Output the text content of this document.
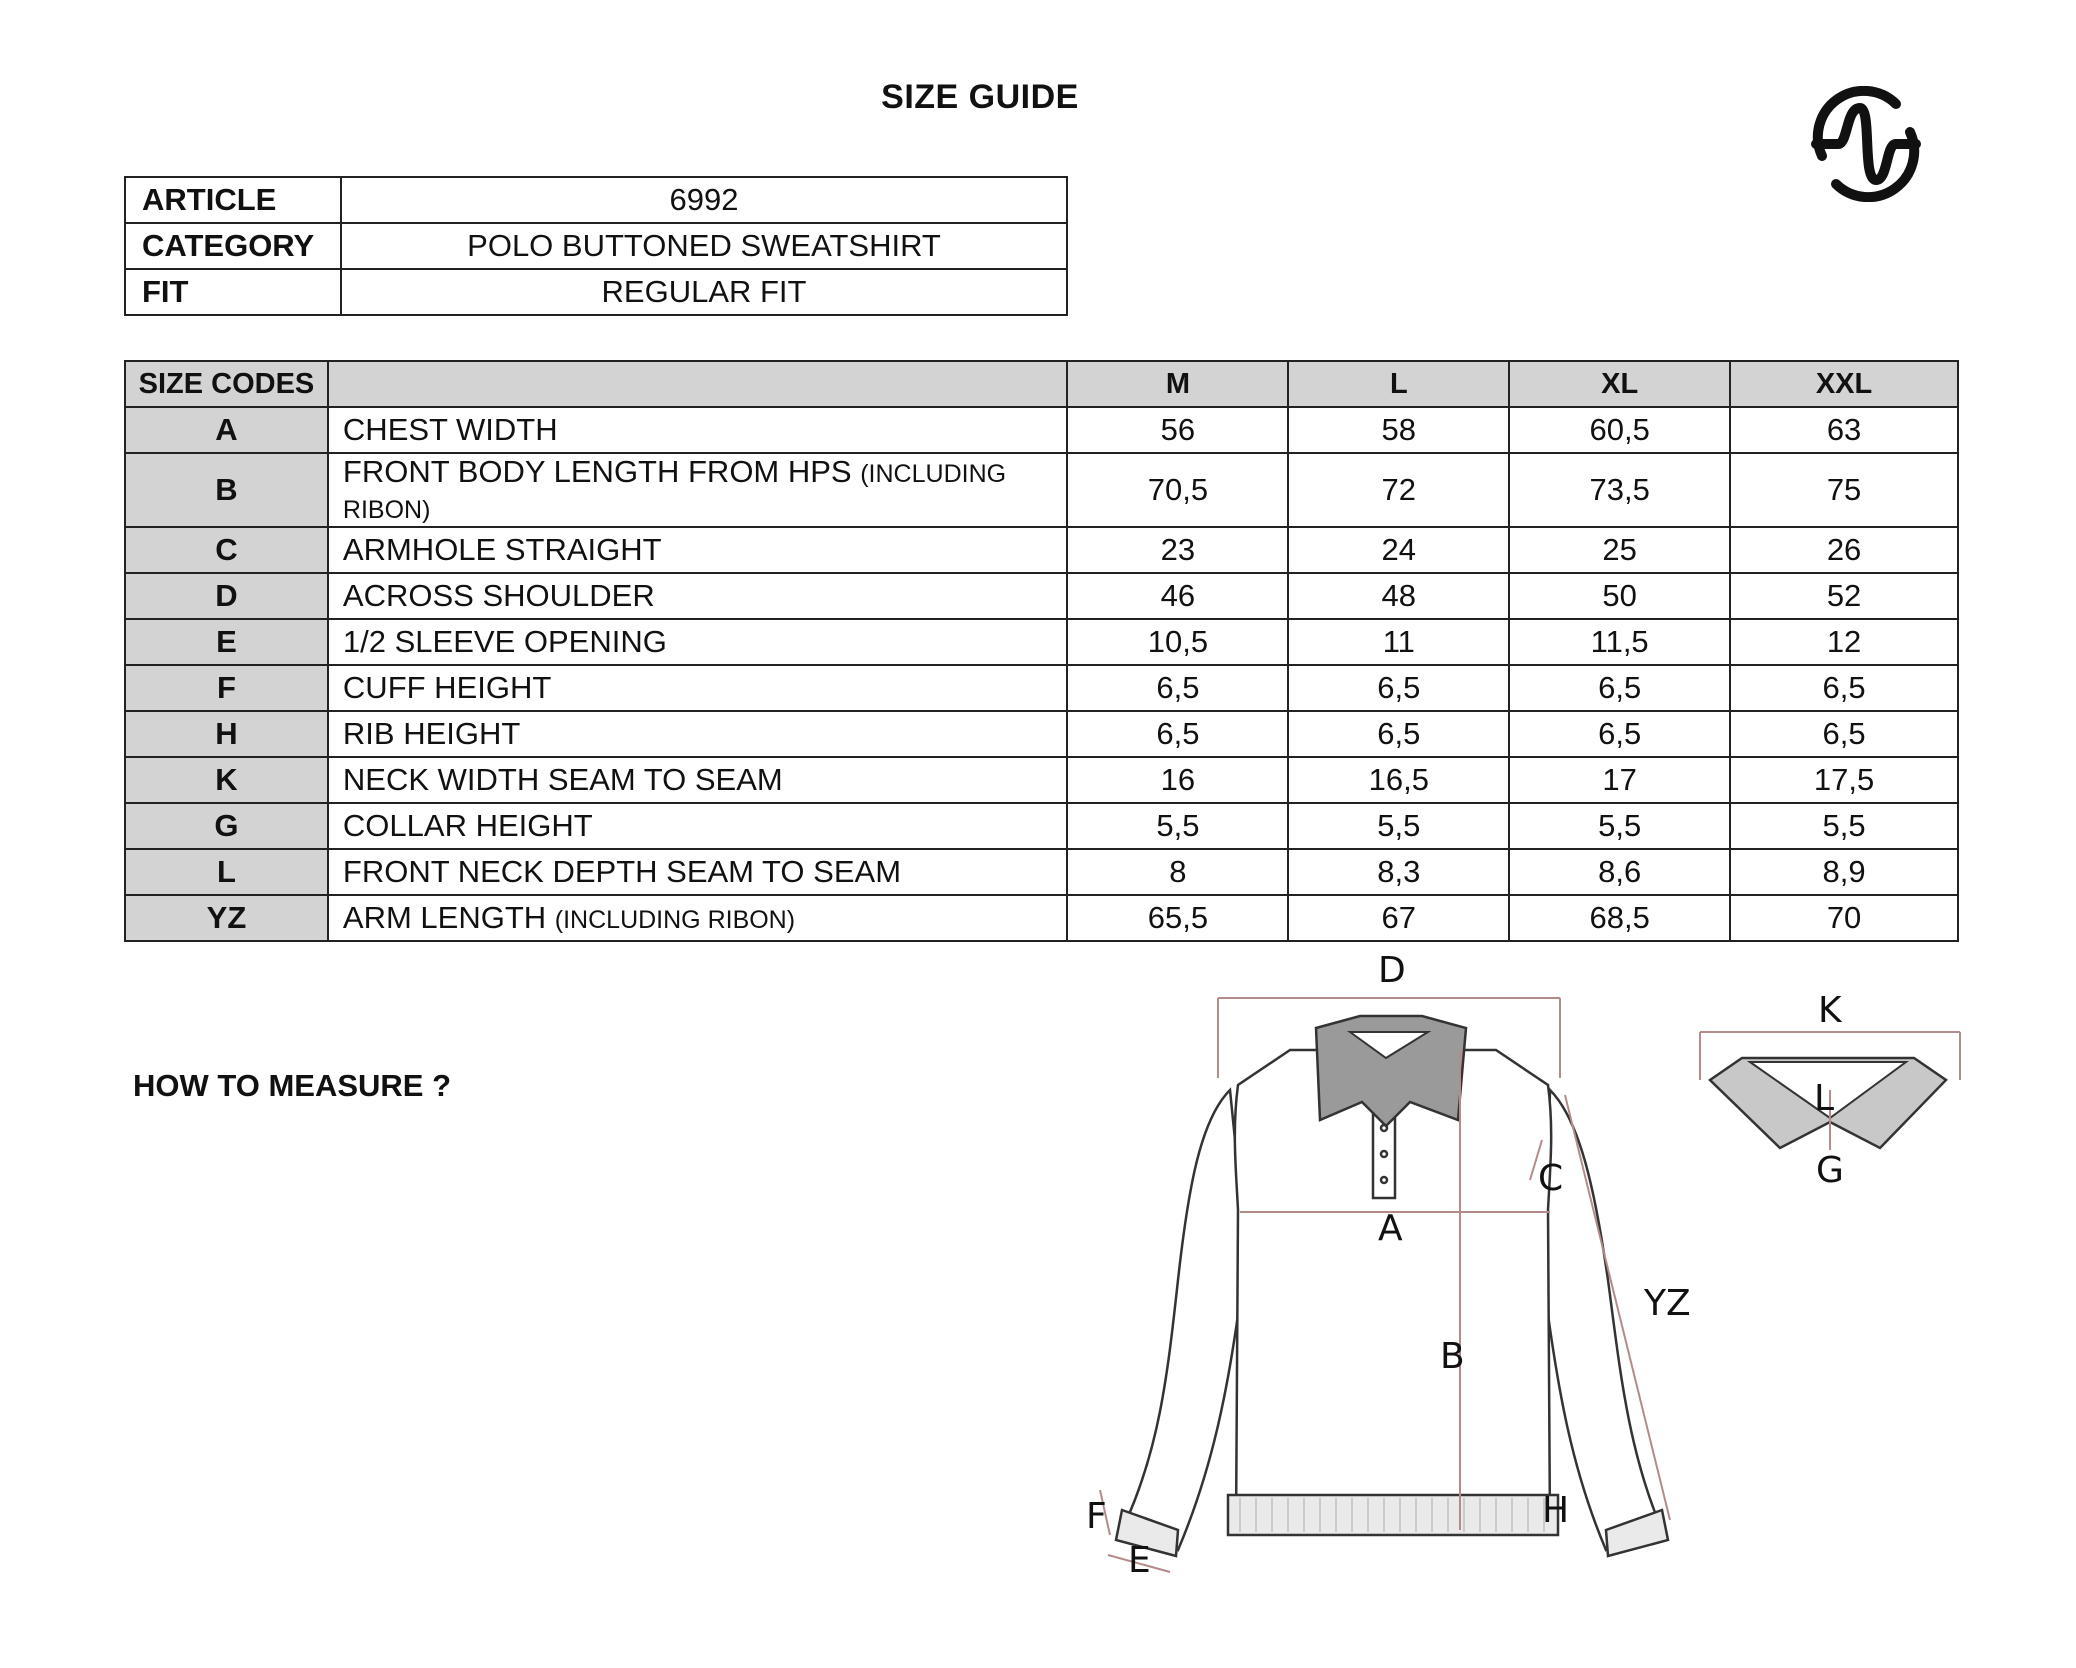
SIZE GUIDE
ARTICLE	6992
CATEGORY	POLO BUTTONED SWEATSHIRT
FIT	REGULAR FIT
SIZE CODES		M	L	XL	XXL
A	CHEST WIDTH	56	58	60,5	63
B	FRONT BODY LENGTH FROM HPS (INCLUDING RIBON)	70,5	72	73,5	75
C	ARMHOLE STRAIGHT	23	24	25	26
D	ACROSS SHOULDER	46	48	50	52
E	1/2 SLEEVE OPENING	10,5	11	11,5	12
F	CUFF HEIGHT	6,5	6,5	6,5	6,5
H	RIB HEIGHT	6,5	6,5	6,5	6,5
K	NECK WIDTH SEAM TO SEAM	16	16,5	17	17,5
G	COLLAR HEIGHT	5,5	5,5	5,5	5,5
L	FRONT NECK DEPTH SEAM TO SEAM	8	8,3	8,6	8,9
YZ	ARM LENGTH (INCLUDING RIBON)	65,5	67	68,5	70
HOW TO MEASURE ?
D
A
B
C
YZ
F
E
H
K
L
G
